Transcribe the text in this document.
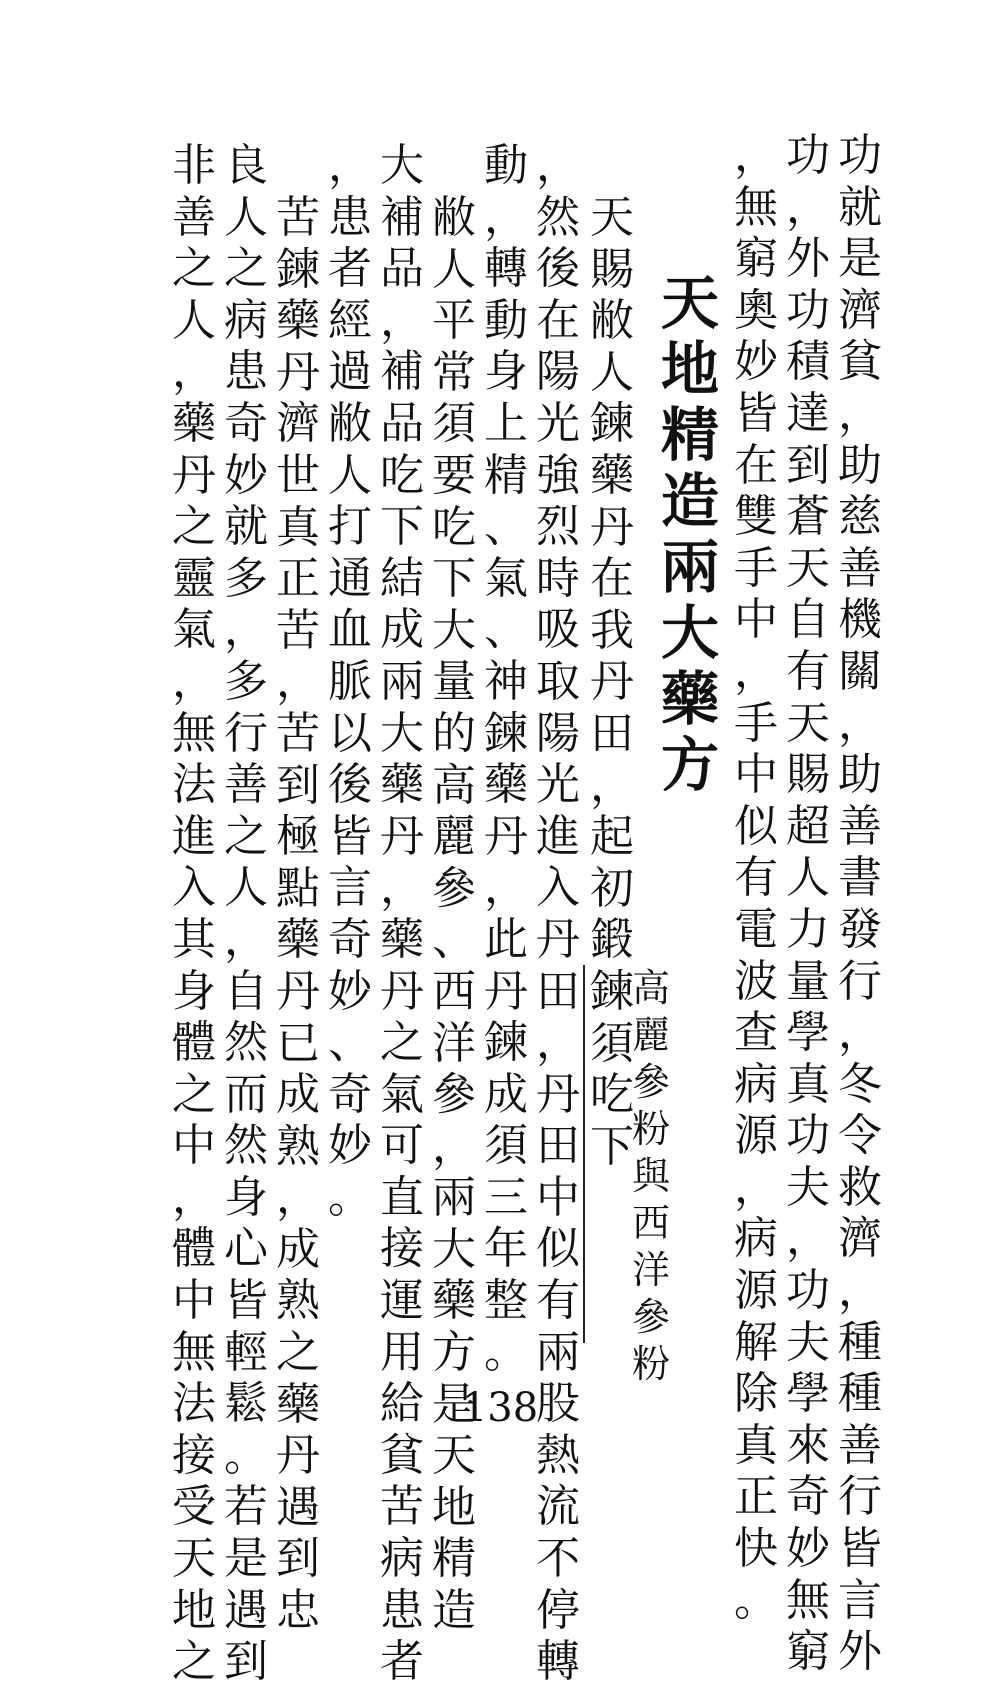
功
就
是
濟
貧
，
助
慈
善
機
關
，
助
善
書
發
行
，
冬
令
救
濟
，
種
種
善
行
皆
言
外
功
，
外
功
積
達
到
蒼
天
自
有
天
賜
超
人
力
量
學
真
功
夫
，
功
夫
學
來
奇
妙
無
窮
，
無
窮
奧
妙
皆
在
雙
手
中
，
手
中
似
有
電
波
查
病
源
，
病
源
解
除
真
正
快
。
天
地
精
造
兩
大
藥
方
天
賜
敝
人
鍊
藥
丹
在
我
丹
田
，
起
初
鍛
鍊
須
吃
下
，
然
後
在
陽
光
強
烈
時
吸
取
陽
光
進
入
丹
田
，
丹
田
中
似
有
兩
股
熱
流
不
停
轉
動
，
轉
動
身
上
精
、
氣
、
神
鍊
藥
丹
，
此
丹
鍊
成
須
三
年
整
。
敝
人
平
常
須
要
吃
下
大
量
的
高
麗
參
、
西
洋
參
，
兩
大
藥
方
是
天
地
精
造
大
補
品
，
補
品
吃
下
結
成
兩
大
藥
丹
，
藥
丹
之
氣
可
直
接
運
用
給
貧
苦
病
患
者
，
患
者
經
過
敝
人
打
通
血
脈
以
後
皆
言
奇
妙
、
奇
妙
。
苦
鍊
藥
丹
濟
世
真
正
苦
，
苦
到
極
點
藥
丹
已
成
熟
，
成
熟
之
藥
丹
遇
到
忠
良
人
之
病
患
奇
妙
就
多
，
多
行
善
之
人
，
自
然
而
然
身
心
皆
輕
鬆
。
若
是
遇
到
非
善
之
人
，
藥
丹
之
靈
氣
，
無
法
進
入
其
身
體
之
中
，
體
中
無
法
接
受
天
地
之
高
麗
參
粉
與
西
洋
參
粉
138
